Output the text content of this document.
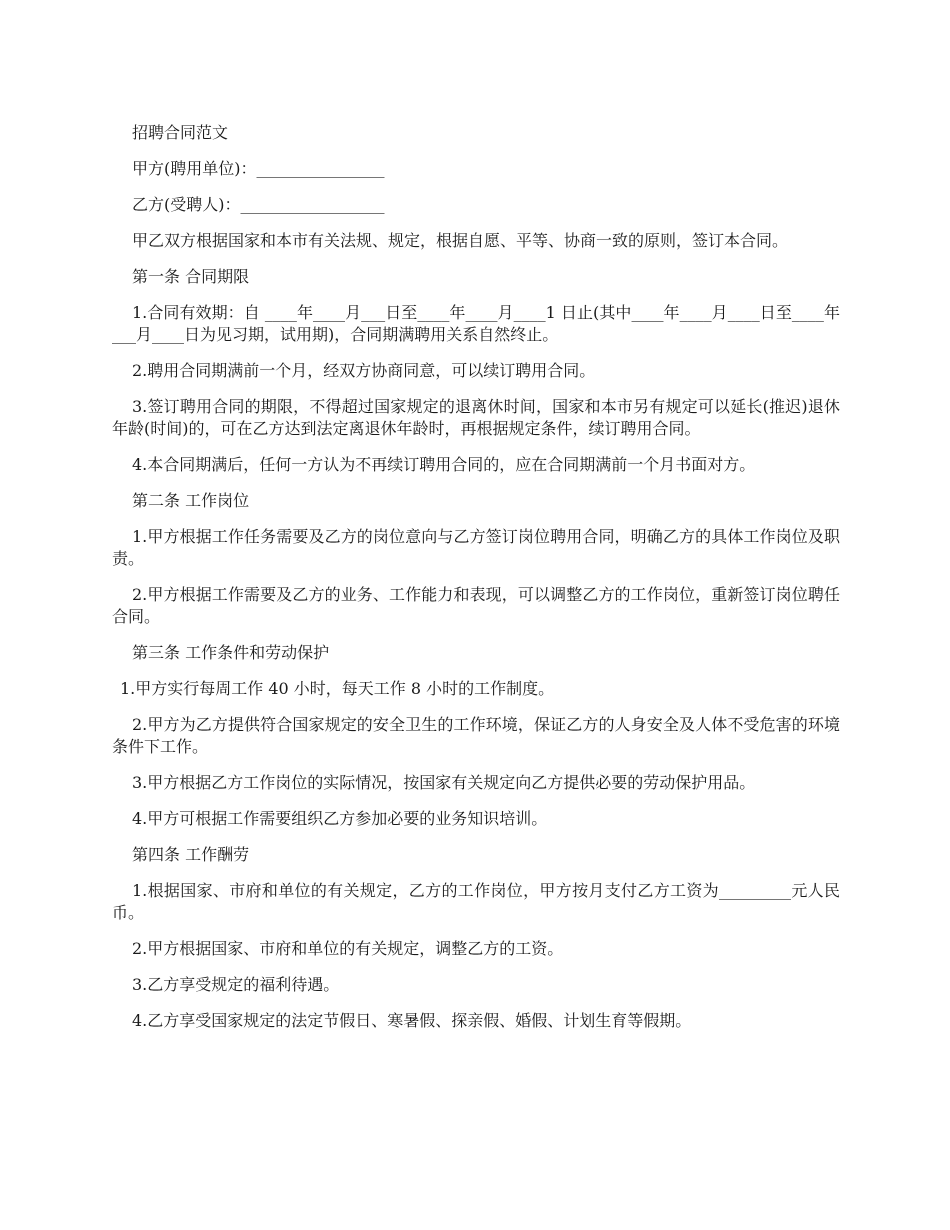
招聘合同范文

甲方(聘用单位)：________________

乙方(受聘人)：__________________

甲乙双方根据国家和本市有关法规、规定，根据自愿、平等、协商一致的原则，签订本合同。

第一条 合同期限

1.合同有效期：自 ____年____月___日至____年____月____1 日止(其中____年____月____日至____年___月____日为见习期，试用期)，合同期满聘用关系自然终止。

2.聘用合同期满前一个月，经双方协商同意，可以续订聘用合同。

3.签订聘用合同的期限，不得超过国家规定的退离休时间，国家和本市另有规定可以延长(推迟)退休年龄(时间)的，可在乙方达到法定离退休年龄时，再根据规定条件，续订聘用合同。

4.本合同期满后，任何一方认为不再续订聘用合同的，应在合同期满前一个月书面对方。

第二条 工作岗位

1.甲方根据工作任务需要及乙方的岗位意向与乙方签订岗位聘用合同，明确乙方的具体工作岗位及职责。

2.甲方根据工作需要及乙方的业务、工作能力和表现，可以调整乙方的工作岗位，重新签订岗位聘任合同。

第三条 工作条件和劳动保护

1.甲方实行每周工作 40 小时，每天工作 8 小时的工作制度。

2.甲方为乙方提供符合国家规定的安全卫生的工作环境，保证乙方的人身安全及人体不受危害的环境条件下工作。

3.甲方根据乙方工作岗位的实际情况，按国家有关规定向乙方提供必要的劳动保护用品。

4.甲方可根据工作需要组织乙方参加必要的业务知识培训。

第四条 工作酬劳

1.根据国家、市府和单位的有关规定，乙方的工作岗位，甲方按月支付乙方工资为_________元人民币。

2.甲方根据国家、市府和单位的有关规定，调整乙方的工资。

3.乙方享受规定的福利待遇。

4.乙方享受国家规定的法定节假日、寒暑假、探亲假、婚假、计划生育等假期。
